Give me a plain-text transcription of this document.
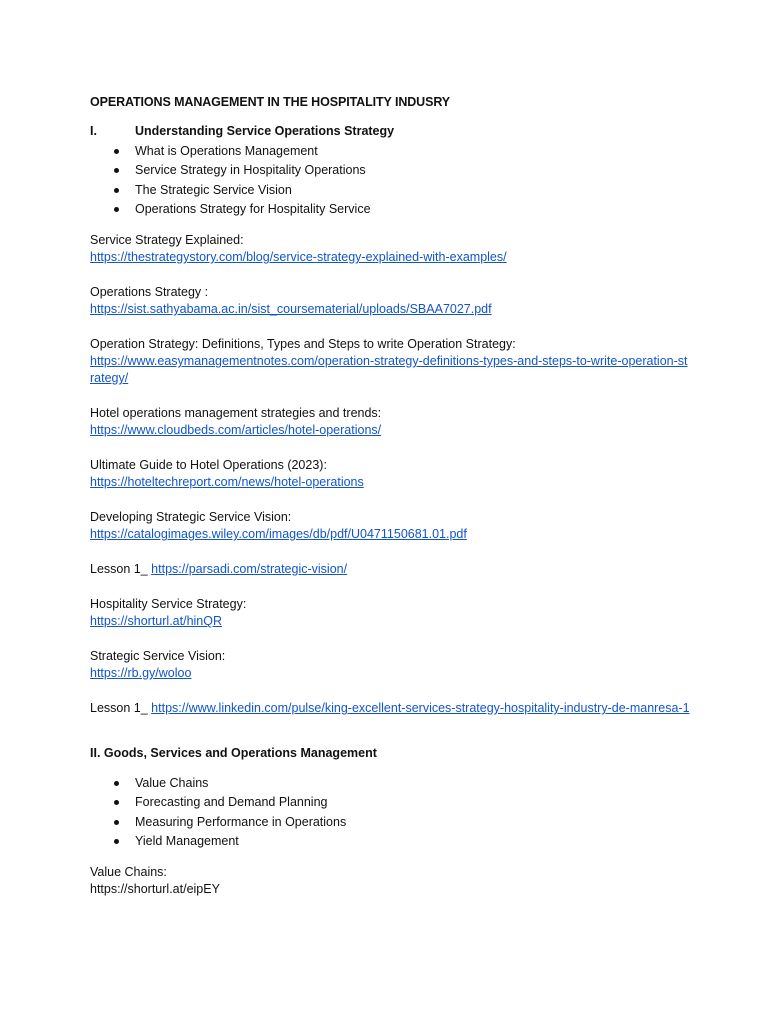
OPERATIONS MANAGEMENT IN THE HOSPITALITY INDUSRY
I.	Understanding Service Operations Strategy
What is Operations Management
Service Strategy in Hospitality Operations
The Strategic Service Vision
Operations Strategy for Hospitality Service
Service Strategy Explained:
https://thestrategystory.com/blog/service-strategy-explained-with-examples/
Operations Strategy :
https://sist.sathyabama.ac.in/sist_coursematerial/uploads/SBAA7027.pdf
Operation Strategy: Definitions, Types and Steps to write Operation Strategy:
https://www.easymanagementnotes.com/operation-strategy-definitions-types-and-steps-to-write-operation-strategy/
Hotel operations management strategies and trends:
https://www.cloudbeds.com/articles/hotel-operations/
Ultimate Guide to Hotel Operations (2023):
https://hoteltechreport.com/news/hotel-operations
Developing Strategic Service Vision:
https://catalogimages.wiley.com/images/db/pdf/U0471150681.01.pdf
Lesson 1_ https://parsadi.com/strategic-vision/
Hospitality Service Strategy:
https://shorturl.at/hinQR
Strategic Service Vision:
https://rb.gy/woloo
Lesson 1_ https://www.linkedin.com/pulse/king-excellent-services-strategy-hospitality-industry-de-manresa-1
II. Goods, Services and Operations Management
Value Chains
Forecasting and Demand Planning
Measuring Performance in Operations
Yield Management
Value Chains:
https://shorturl.at/eipEY
